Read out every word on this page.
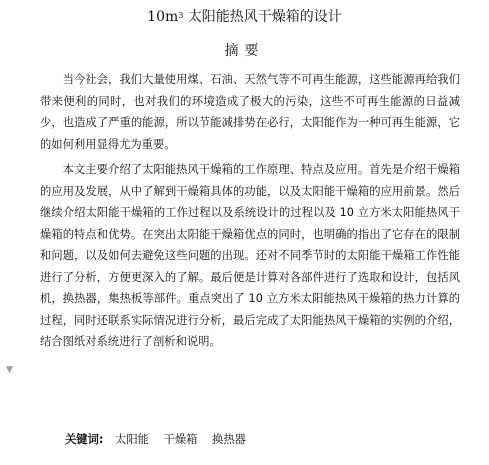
$10m^3$ 太阳能热风干燥箱的设计
摘要

当今社会，我们大量使用煤、石油、天然气等不可再生能源，这些能源再给我们带来便利的同时，也对我们的环境造成了极大的污染，这些不可再生能源的日益减少，也造成了严重的能源，所以节能减排势在必行，太阳能作为一种可再生能源，它的如何利用显得尤为重要。

本文主要介绍了太阳能热风干燥箱的工作原理、特点及应用。首先是介绍干燥箱的应用及发展，从中了解到干燥箱具体的功能，以及太阳能干燥箱的应用前景。然后继续介绍太阳能干燥箱的工作过程以及系统设计的过程以及 10 立方米太阳能热风干燥箱的特点和优势。在突出太阳能干燥箱优点的同时，也明确的指出了它存在的限制和问题，以及如何去避免这些问题的出现。还对不同季节时的太阳能干燥箱工作性能进行了分析，方便更深入的了解。最后便是计算对各部件进行了选取和设计，包括风机，换热器，集热板等部件。重点突出了 10 立方米太阳能热风干燥箱的热力计算的过程，同时还联系实际情况进行分析，最后完成了太阳能热风干燥箱的实例的介绍，结合图纸对系统进行了剖析和说明。

关键词: 太阳能 干燥箱 换热器
▼
